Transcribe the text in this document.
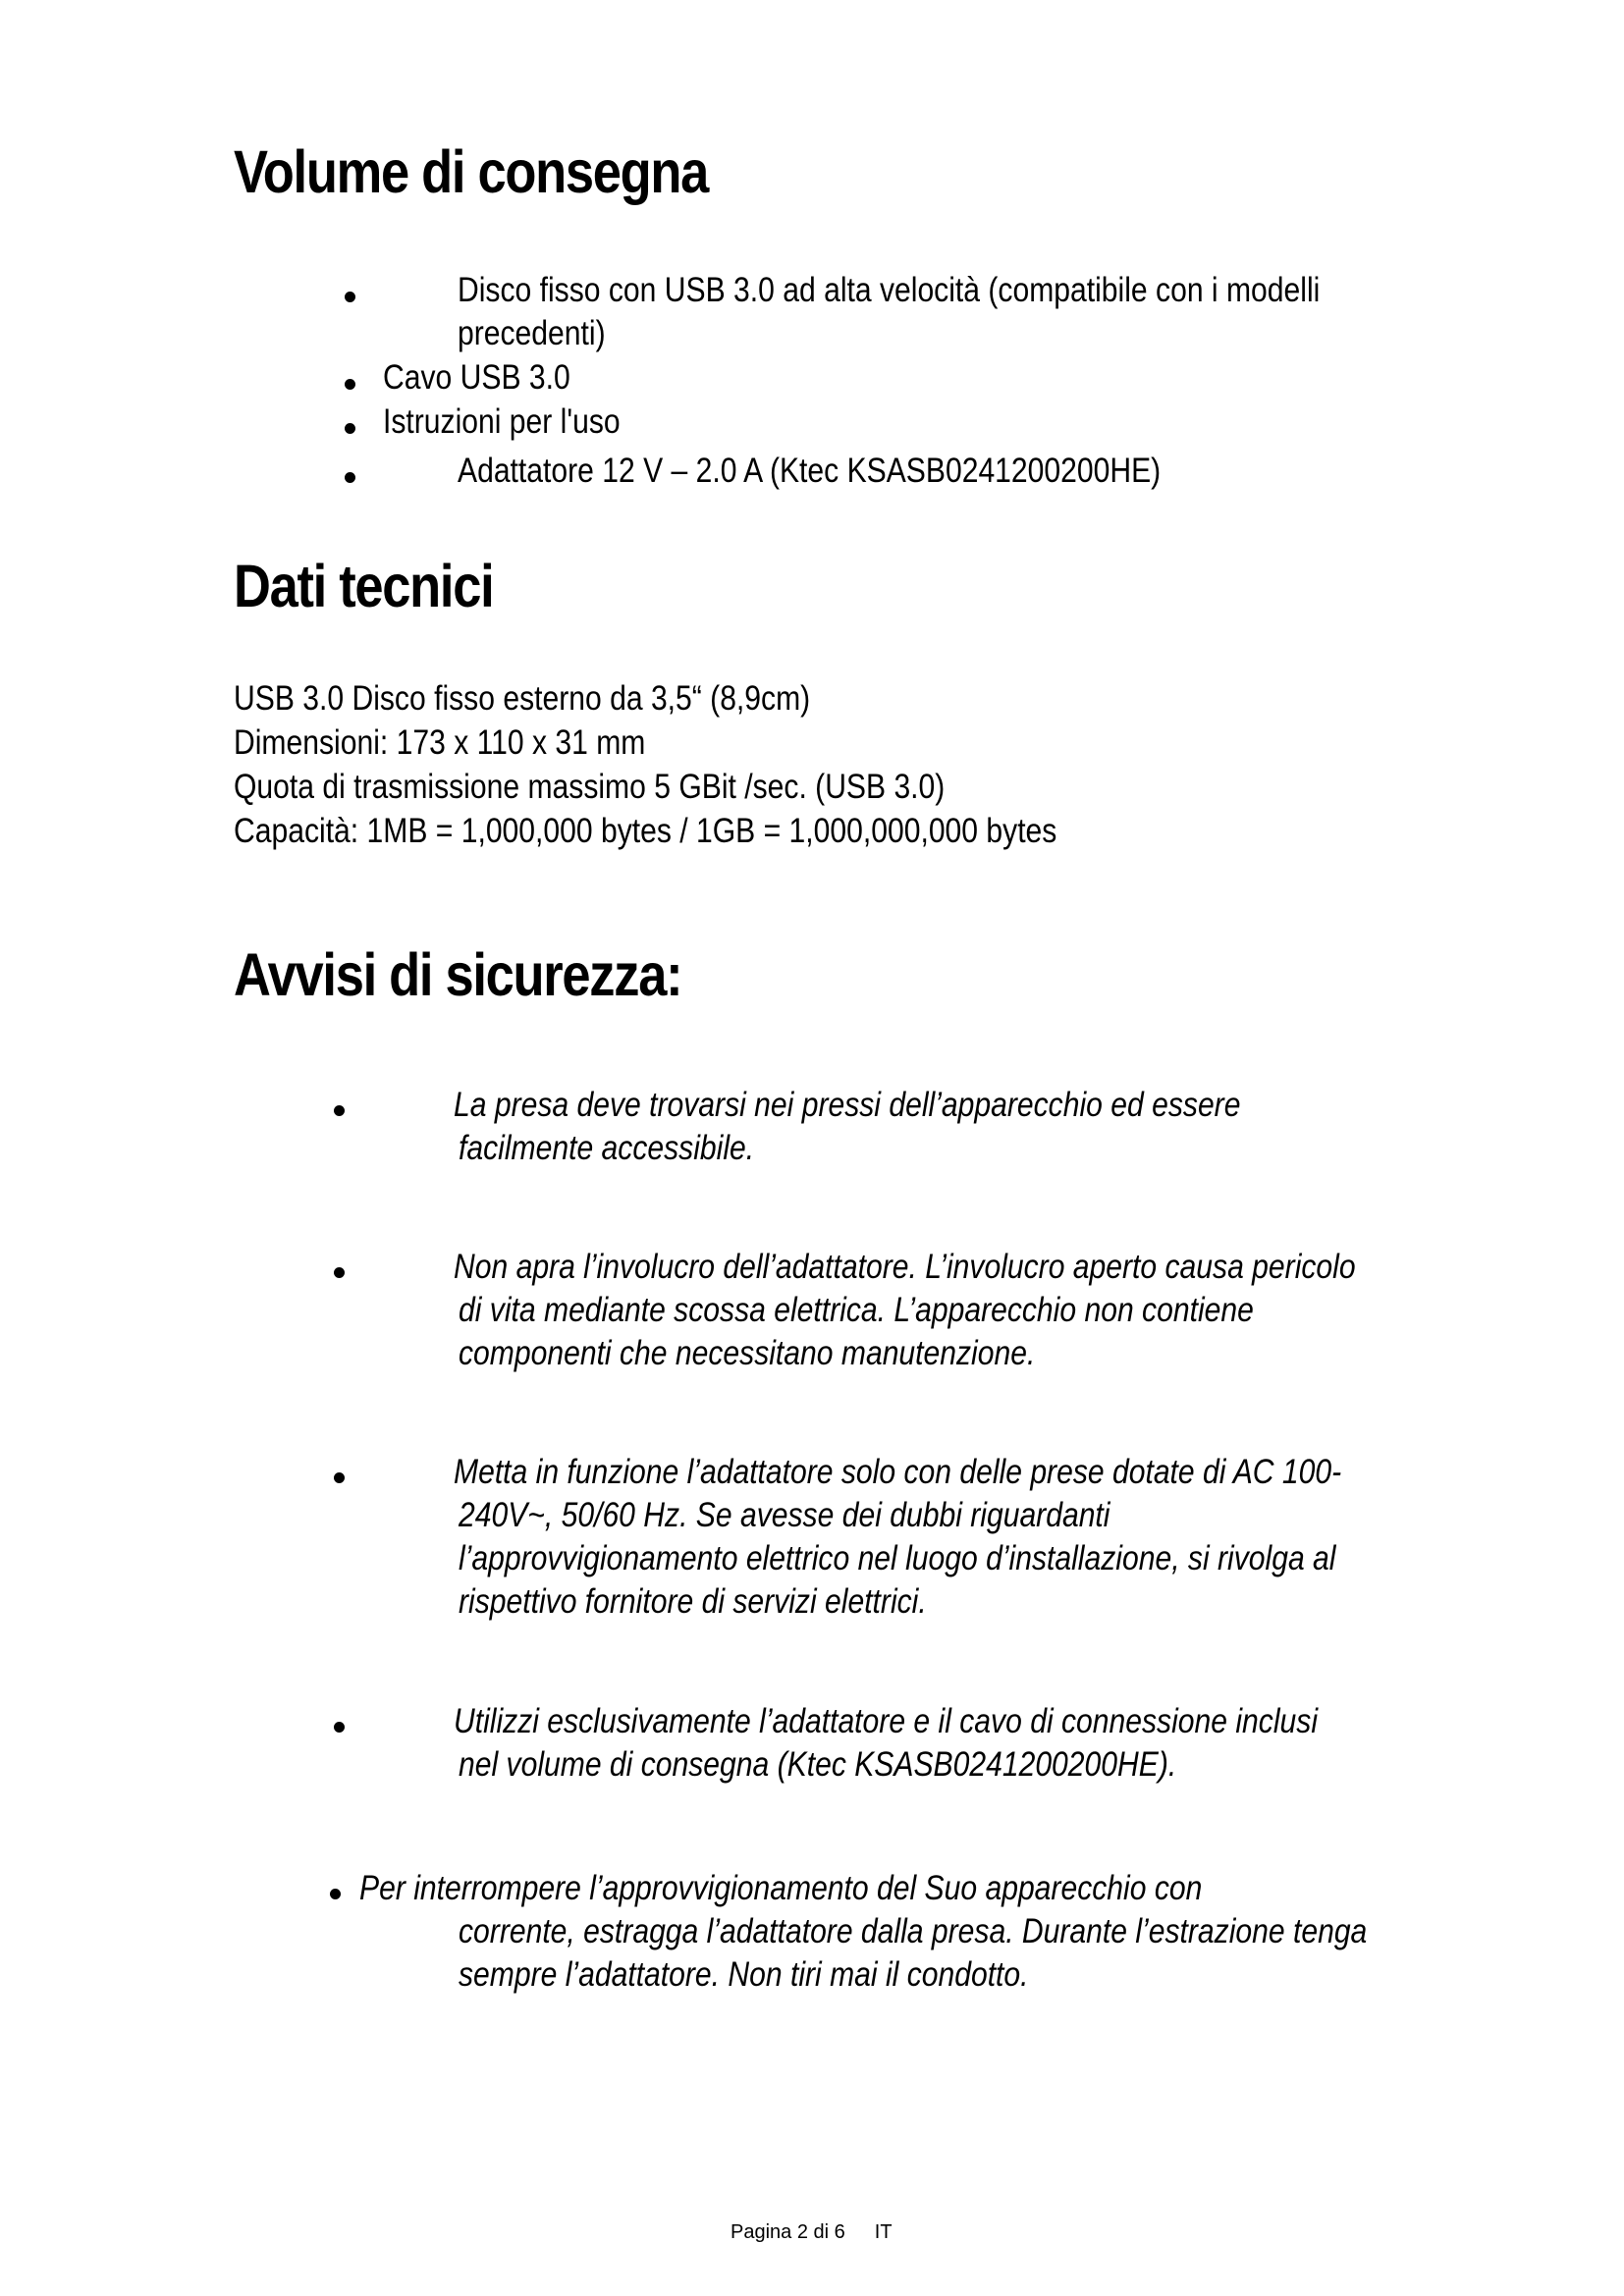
Volume di consegna
Disco fisso con USB 3.0 ad alta velocità (compatibile con i modelli
precedenti)
Cavo USB 3.0
Istruzioni per l'uso
Adattatore 12 V – 2.0 A (Ktec KSASB0241200200HE)
Dati tecnici
USB 3.0 Disco fisso esterno da 3,5“ (8,9cm)
Dimensioni: 173 x 110 x 31 mm
Quota di trasmissione massimo 5 GBit /sec. (USB 3.0)
Capacità: 1MB = 1,000,000 bytes / 1GB = 1,000,000,000 bytes
Avvisi di sicurezza:
La presa deve trovarsi nei pressi dell’apparecchio ed essere
facilmente accessibile.
Non apra l’involucro dell’adattatore. L’involucro aperto causa pericolo
di vita mediante scossa elettrica. L’apparecchio non contiene
componenti che necessitano manutenzione.
Metta in funzione l’adattatore solo con delle prese dotate di AC 100-
240V~, 50/60 Hz. Se avesse dei dubbi riguardanti
l’approvvigionamento elettrico nel luogo d’installazione, si rivolga al
rispettivo fornitore di servizi elettrici.
Utilizzi esclusivamente l’adattatore e il cavo di connessione inclusi
nel volume di consegna (Ktec KSASB0241200200HE).
Per interrompere l’approvvigionamento del Suo apparecchio con
corrente, estragga l’adattatore dalla presa. Durante l’estrazione tenga
sempre l’adattatore. Non tiri mai il condotto.
Pagina 2 di 6 IT
